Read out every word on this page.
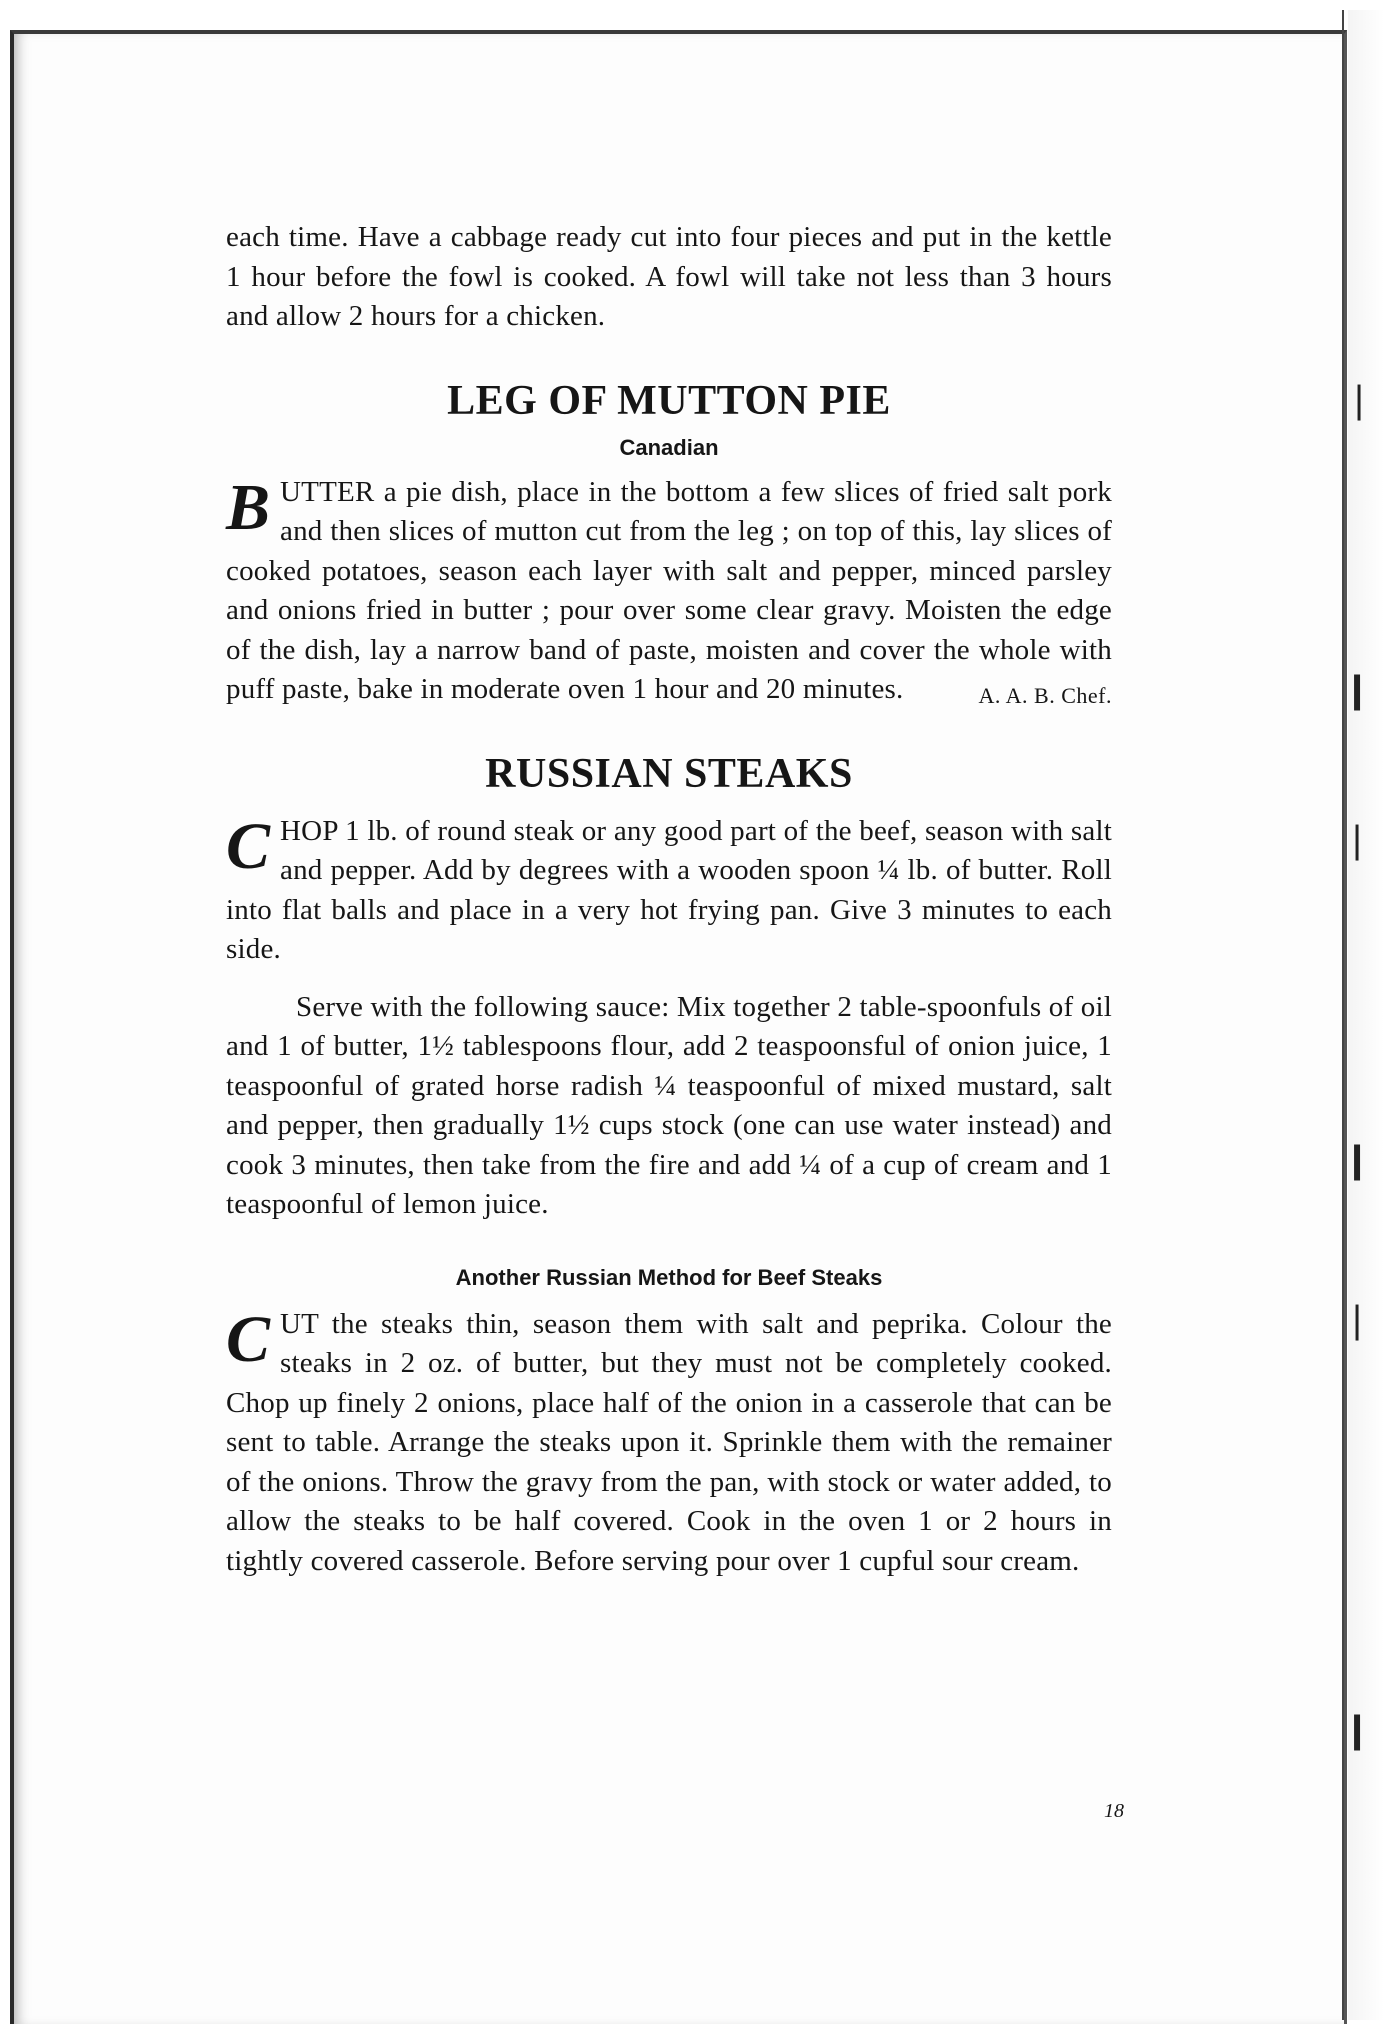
❘
❙
❘
❙
❘
❙

each time. Have a cabbage ready cut into four pieces and put in the kettle 1 hour before the fowl is cooked. A fowl will take not less than 3 hours and allow 2 hours for a chicken.

LEG OF MUTTON PIE
Canadian
B UTTER a pie dish, place in the bottom a few slices of fried salt pork and then slices of mutton cut from the leg ; on top of this, lay slices of cooked potatoes, season each layer with salt and pepper, minced parsley and onions fried in butter ; pour over some clear gravy. Moisten the edge of the dish, lay a narrow band of paste, moisten and cover the whole with puff paste, bake in moderate oven 1 hour and 20 minutes.	A. A. B. Chef.

RUSSIAN STEAKS
C HOP 1 lb. of round steak or any good part of the beef, season with salt and pepper. Add by degrees with a wooden spoon ¼ lb. of butter. Roll into flat balls and place in a very hot frying pan. Give 3 minutes to each side.

Serve with the following sauce: Mix together 2 table-spoonfuls of oil and 1 of butter, 1½ tablespoons flour, add 2 teaspoonsful of onion juice, 1 teaspoonful of grated horse radish ¼ teaspoonful of mixed mustard, salt and pepper, then gradually 1½ cups stock (one can use water instead) and cook 3 minutes, then take from the fire and add ¼ of a cup of cream and 1 teaspoonful of lemon juice.

Another Russian Method for Beef Steaks
C UT the steaks thin, season them with salt and peprika. Colour the steaks in 2 oz. of butter, but they must not be completely cooked. Chop up finely 2 onions, place half of the onion in a casserole that can be sent to table. Arrange the steaks upon it. Sprinkle them with the remainer of the onions. Throw the gravy from the pan, with stock or water added, to allow the steaks to be half covered. Cook in the oven 1 or 2 hours in tightly covered casserole. Before serving pour over 1 cupful sour cream.

18
